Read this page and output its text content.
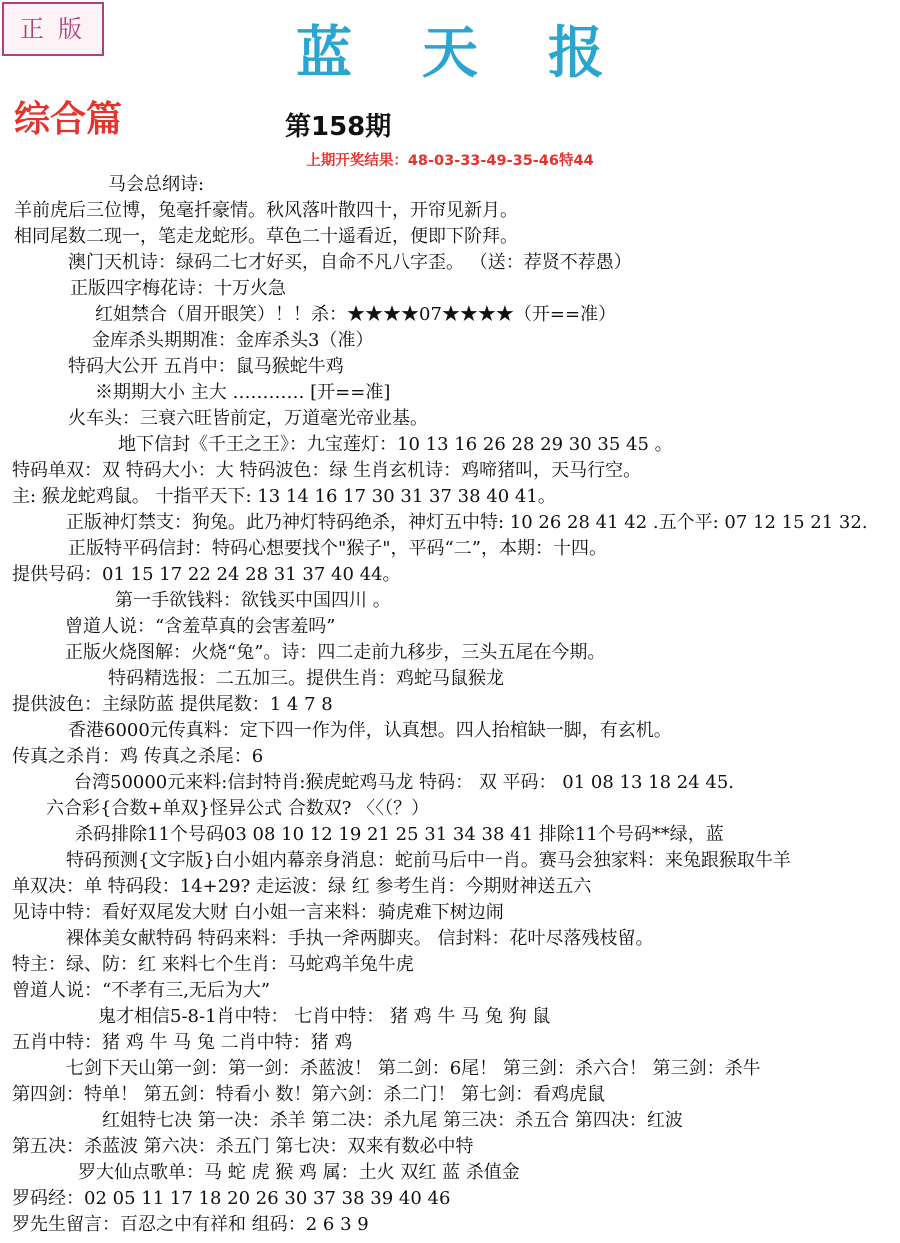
正版	蓝天报
综合篇	第158期
上期开奖结果：48-03-33-49-35-46特44
马会总纲诗:
羊前虎后三位博，兔毫扦豪情。秋风落叶散四十，开帘见新月。
相同尾数二现一，笔走龙蛇形。草色二十遥看近，便即下阶拜。
澳门天机诗：绿码二七才好买，自命不凡八字歪。 （送：荐贤不荐愚）
正版四字梅花诗：十万火急
红姐禁合（眉开眼笑）！！杀：★★★★07★★★★（开==准）
金库杀头期期准：金库杀头3（准）
特码大公开 五肖中：鼠马猴蛇牛鸡
※期期大小 主大 ………… [开==准]
火车头：三衰六旺皆前定，万道毫光帝业基。
地下信封《千王之王》：九宝莲灯：10 13 16 26 28 29 30 35 45 。
特码单双：双 特码大小：大 特码波色：绿 生肖玄机诗：鸡啼猪叫，天马行空。
主: 猴龙蛇鸡鼠。 十指平天下: 13 14 16 17 30 31 37 38 40 41。
正版神灯禁支：狗兔。此乃神灯特码绝杀，神灯五中特: 10 26 28 41 42 .五个平: 07 12 15 21 32.
正版特平码信封：特码心想要找个"猴子"，平码“二”，本期：十四。
提供号码：01 15 17 22 24 28 31 37 40 44。
第一手欲钱料：欲钱买中国四川 。
曾道人说：“含羞草真的会害羞吗”
正版火烧图解：火烧“兔”。诗：四二走前九移步，三头五尾在今期。
特码精选报：二五加三。提供生肖：鸡蛇马鼠猴龙
提供波色：主绿防蓝 提供尾数：1 4 7 8
香港6000元传真料：定下四一作为伴，认真想。四人抬棺缺一脚，有玄机。
传真之杀肖：鸡 传真之杀尾：6
台湾50000元来料:信封特肖:猴虎蛇鸡马龙 特码： 双 平码： 01 08 13 18 24 45.
六合彩{合数+单双}怪异公式 合数双? 〈〈（？）
杀码排除11个号码03 08 10 12 19 21 25 31 34 38 41 排除11个号码**绿，蓝
特码预测{文字版}白小姐内幕亲身消息：蛇前马后中一肖。赛马会独家料：来兔跟猴取牛羊
单双决：单 特码段：14+29? 走运波：绿 红 参考生肖：今期财神送五六
见诗中特：看好双尾发大财 白小姐一言来料：骑虎难下树边闹
裸体美女献特码 特码来料：手执一斧两脚夹。 信封料：花叶尽落残枝留。
特主：绿、防：红 来料七个生肖：马蛇鸡羊兔牛虎
曾道人说：“不孝有三,无后为大”
鬼才相信5-8-1肖中特： 七肖中特： 猪 鸡 牛 马 兔 狗 鼠
五肖中特：猪 鸡 牛 马 兔 二肖中特：猪 鸡
七剑下天山第一剑：第一剑：杀蓝波！ 第二剑：6尾！ 第三剑：杀六合！ 第三剑：杀牛
第四剑：特单！ 第五剑：特看小 数！第六剑：杀二门！ 第七剑：看鸡虎鼠
红姐特七决 第一决：杀羊 第二决：杀九尾 第三决：杀五合 第四决：红波
第五决：杀蓝波 第六决：杀五门 第七决：双来有数必中特
罗大仙点歌单：马 蛇 虎 猴 鸡 属：土火 双红 蓝 杀值金
罗码经：02 05 11 17 18 20 26 30 37 38 39 40 46
罗先生留言：百忍之中有祥和 组码：2 6 3 9
